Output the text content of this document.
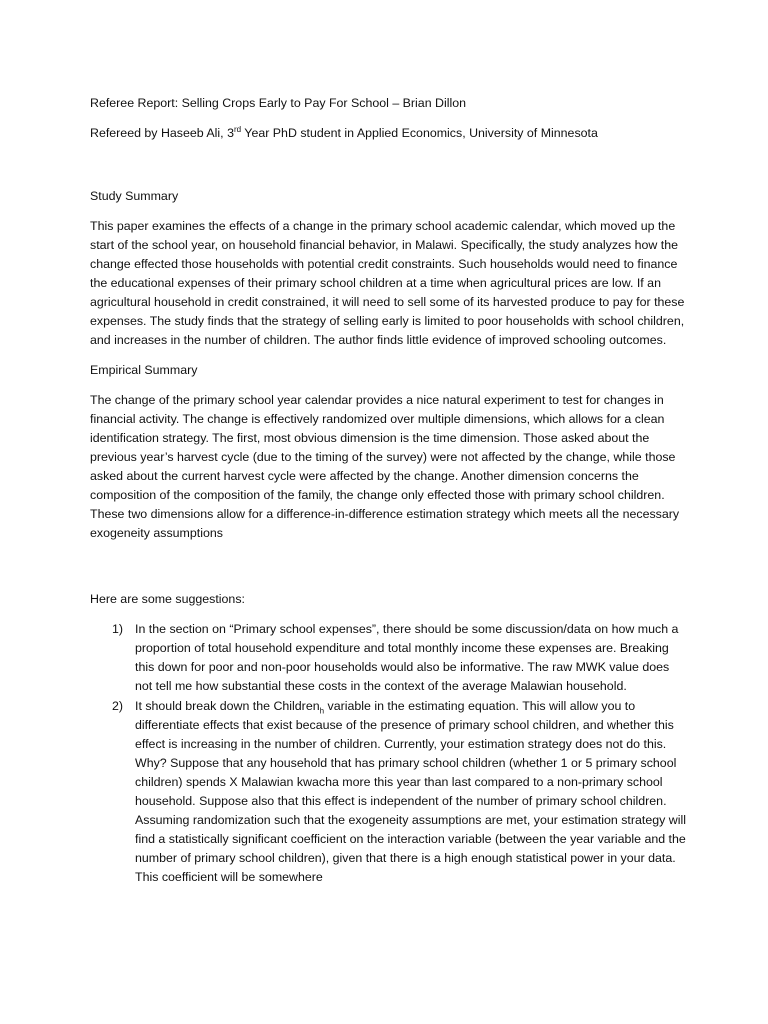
Referee Report: Selling Crops Early to Pay For School – Brian Dillon

Refereed by Haseeb Ali, 3rd Year PhD student in Applied Economics, University of Minnesota

Study Summary

This paper examines the effects of a change in the primary school academic calendar, which moved up the start of the school year, on household financial behavior, in Malawi. Specifically, the study analyzes how the change effected those households with potential credit constraints. Such households would need to finance the educational expenses of their primary school children at a time when agricultural prices are low. If an agricultural household in credit constrained, it will need to sell some of its harvested produce to pay for these expenses. The study finds that the strategy of selling early is limited to poor households with school children, and increases in the number of children. The author finds little evidence of improved schooling outcomes.

Empirical Summary

The change of the primary school year calendar provides a nice natural experiment to test for changes in financial activity. The change is effectively randomized over multiple dimensions, which allows for a clean identification strategy. The first, most obvious dimension is the time dimension. Those asked about the previous year’s harvest cycle (due to the timing of the survey) were not affected by the change, while those asked about the current harvest cycle were affected by the change. Another dimension concerns the composition of the composition of the family, the change only effected those with primary school children. These two dimensions allow for a difference-in-difference estimation strategy which meets all the necessary exogeneity assumptions

Here are some suggestions:

1) In the section on “Primary school expenses”, there should be some discussion/data on how much a proportion of total household expenditure and total monthly income these expenses are. Breaking this down for poor and non-poor households would also be informative. The raw MWK value does not tell me how substantial these costs in the context of the average Malawian household.
2) It should break down the Children$_h$ variable in the estimating equation. This will allow you to differentiate effects that exist because of the presence of primary school children, and whether this effect is increasing in the number of children. Currently, your estimation strategy does not do this. Why? Suppose that any household that has primary school children (whether 1 or 5 primary school children) spends X Malawian kwacha more this year than last compared to a non-primary school household. Suppose also that this effect is independent of the number of primary school children. Assuming randomization such that the exogeneity assumptions are met, your estimation strategy will find a statistically significant coefficient on the interaction variable (between the year variable and the number of primary school children), given that there is a high enough statistical power in your data. This coefficient will be somewhere
